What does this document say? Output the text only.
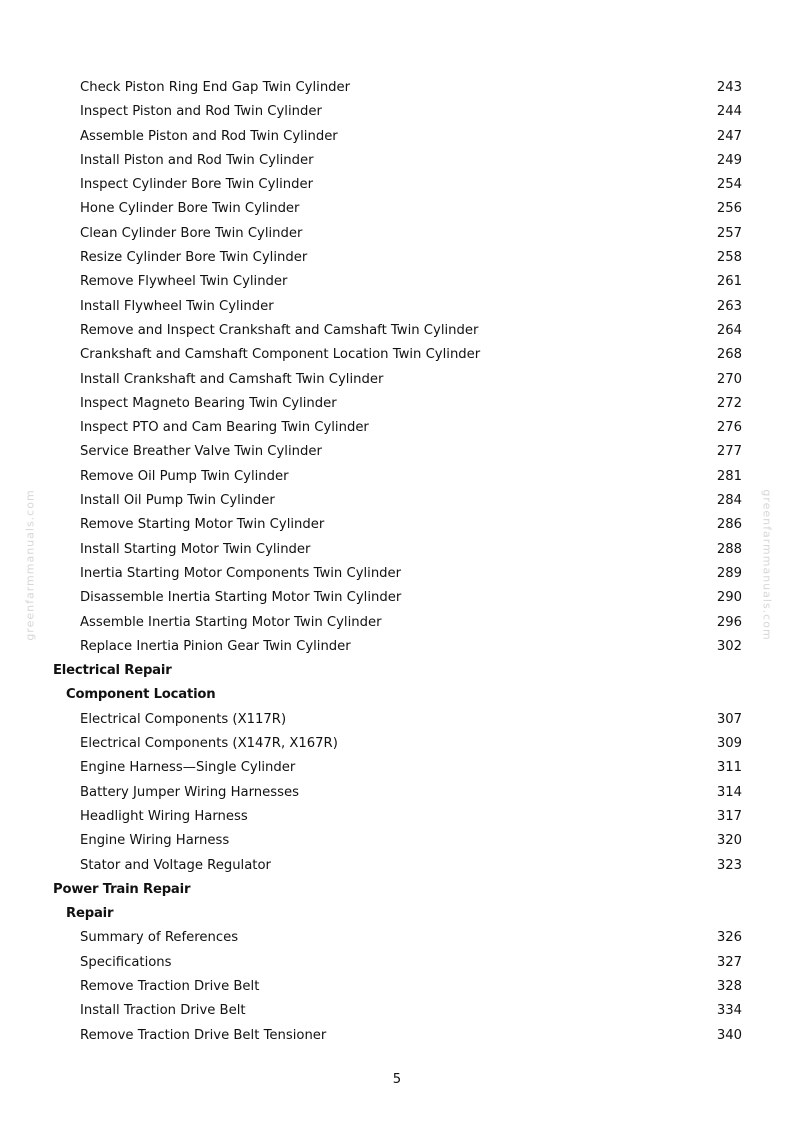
greenfarmmanuals.com	greenfarmmanuals.com
Check Piston Ring End Gap Twin Cylinder	243
Inspect Piston and Rod Twin Cylinder	244
Assemble Piston and Rod Twin Cylinder	247
Install Piston and Rod Twin Cylinder	249
Inspect Cylinder Bore Twin Cylinder	254
Hone Cylinder Bore Twin Cylinder	256
Clean Cylinder Bore Twin Cylinder	257
Resize Cylinder Bore Twin Cylinder	258
Remove Flywheel Twin Cylinder	261
Install Flywheel Twin Cylinder	263
Remove and Inspect Crankshaft and Camshaft Twin Cylinder	264
Crankshaft and Camshaft Component Location Twin Cylinder	268
Install Crankshaft and Camshaft Twin Cylinder	270
Inspect Magneto Bearing Twin Cylinder	272
Inspect PTO and Cam Bearing Twin Cylinder	276
Service Breather Valve Twin Cylinder	277
Remove Oil Pump Twin Cylinder	281
Install Oil Pump Twin Cylinder	284
Remove Starting Motor Twin Cylinder	286
Install Starting Motor Twin Cylinder	288
Inertia Starting Motor Components Twin Cylinder	289
Disassemble Inertia Starting Motor Twin Cylinder	290
Assemble Inertia Starting Motor Twin Cylinder	296
Replace Inertia Pinion Gear Twin Cylinder	302
Electrical Repair
Component Location
Electrical Components (X117R)	307
Electrical Components (X147R, X167R)	309
Engine Harness—Single Cylinder	311
Battery Jumper Wiring Harnesses	314
Headlight Wiring Harness	317
Engine Wiring Harness	320
Stator and Voltage Regulator	323
Power Train Repair
Repair
Summary of References	326
Specifications	327
Remove Traction Drive Belt	328
Install Traction Drive Belt	334
Remove Traction Drive Belt Tensioner	340
5
